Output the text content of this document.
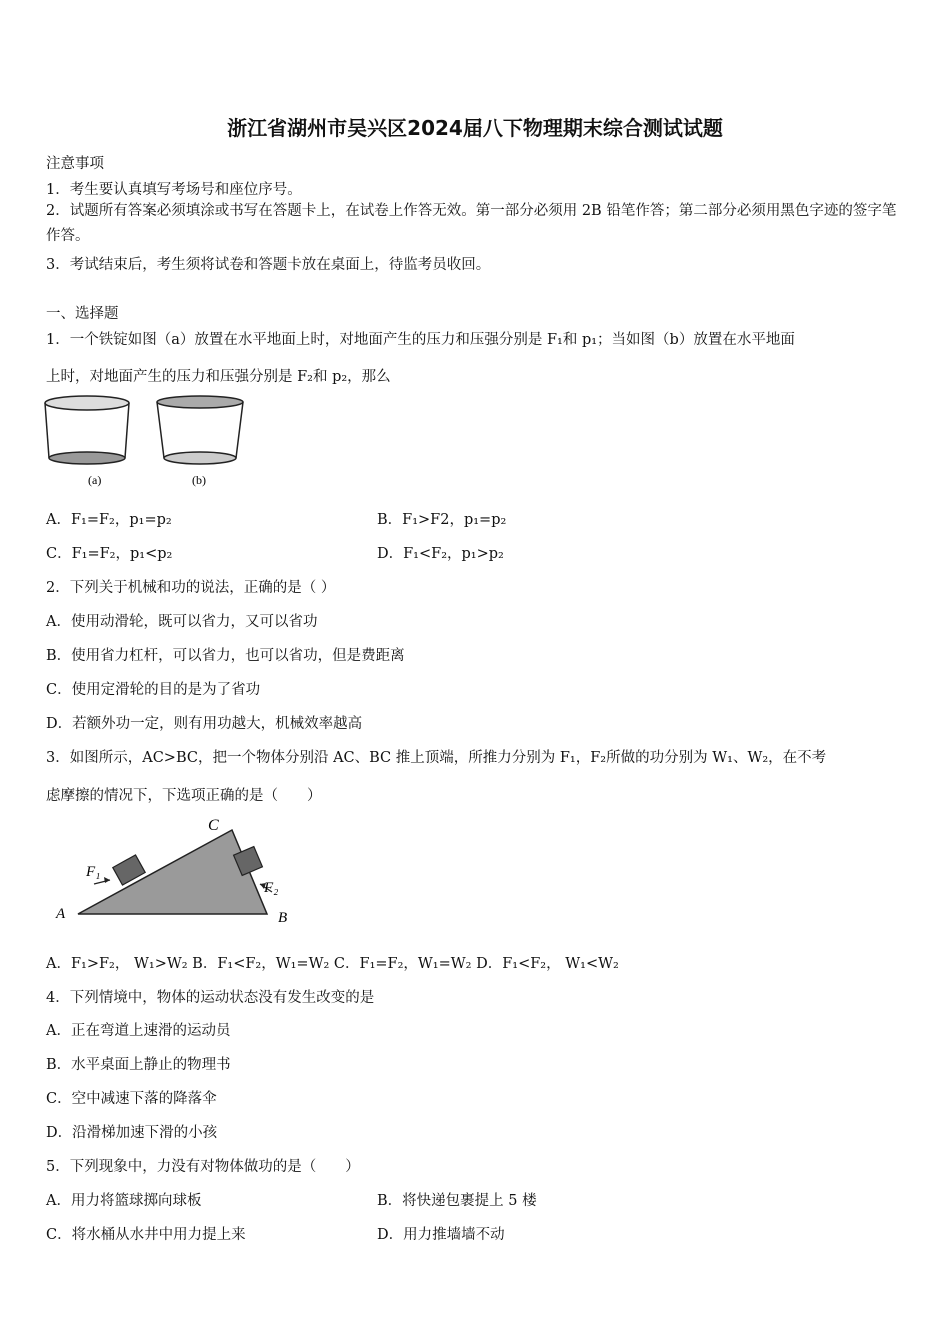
浙江省湖州市吴兴区2024届八下物理期末综合测试试题
注意事项
1．考生要认真填写考场号和座位序号。
2．试题所有答案必须填涂或书写在答题卡上，在试卷上作答无效。第一部分必须用 2B 铅笔作答；第二部分必须用黑色字迹的签字笔作答。
3．考试结束后，考生须将试卷和答题卡放在桌面上，待监考员收回。
一、选择题
1．一个铁锭如图（a）放置在水平地面上时，对地面产生的压力和压强分别是 F₁和 p₁；当如图（b）放置在水平地面
上时，对地面产生的压力和压强分别是 F₂和 p₂，那么
(a)	(b)
A．F₁=F₂，p₁=p₂	B．F₁>F2，p₁=p₂
C．F₁=F₂，p₁<p₂	D．F₁<F₂，p₁>p₂
2．下列关于机械和功的说法，正确的是（ ）
A．使用动滑轮，既可以省力，又可以省功
B．使用省力杠杆，可以省力，也可以省功，但是费距离
C．使用定滑轮的目的是为了省功
D．若额外功一定，则有用功越大，机械效率越高
3．如图所示，AC>BC，把一个物体分别沿 AC、BC 推上顶端，所推力分别为 F₁，F₂所做的功分别为 W₁、W₂，在不考
虑摩擦的情况下，下选项正确的是（　　）
F₁
F₂
C
A	B
A．F₁>F₂， W₁>W₂ B．F₁<F₂，W₁=W₂ C．F₁=F₂，W₁=W₂ D．F₁<F₂， W₁<W₂
4．下列情境中，物体的运动状态没有发生改变的是
A．正在弯道上速滑的运动员
B．水平桌面上静止的物理书
C．空中减速下落的降落伞
D．沿滑梯加速下滑的小孩
5．下列现象中，力没有对物体做功的是（　　）
A．用力将篮球掷向球板	B．将快递包裹提上 5 楼
C．将水桶从水井中用力提上来	D．用力推墙墙不动
